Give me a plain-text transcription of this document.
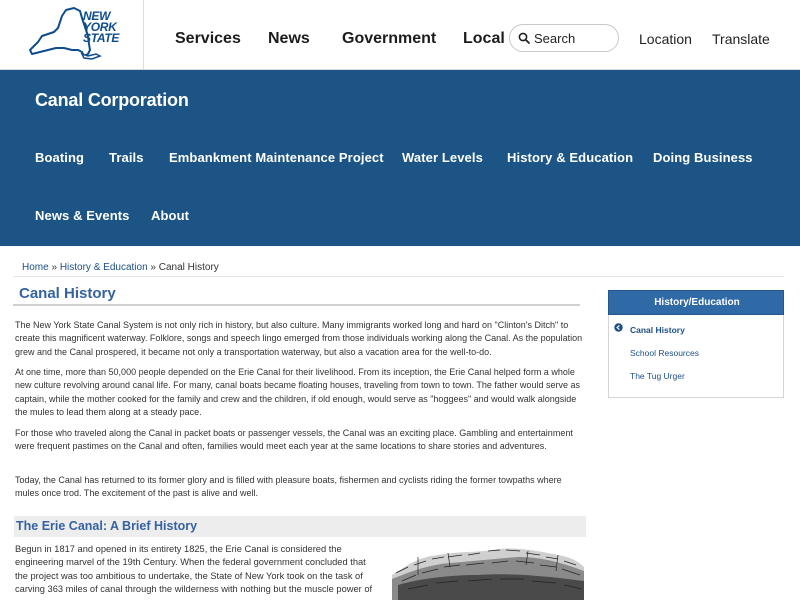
NEW
YORK
STATE	Services News Government Local Search	Location Translate
Canal Corporation
Boating Trails Embankment Maintenance Project Water Levels History & Education Doing Business
News & Events About
Home » History & Education » Canal History
Canal History

The New York State Canal System is not only rich in history, but also culture. Many immigrants worked long and hard on "Clinton's Ditch" to create this magnificent waterway. Folklore, songs and speech lingo emerged from those individuals working along the Canal. As the population grew and the Canal prospered, it became not only a transportation waterway, but also a vacation area for the well-to-do.

At one time, more than 50,000 people depended on the Erie Canal for their livelihood. From its inception, the Erie Canal helped form a whole new culture revolving around canal life. For many, canal boats became floating houses, traveling from town to town. The father would serve as captain, while the mother cooked for the family and crew and the children, if old enough, would serve as "hoggees" and would walk alongside the mules to lead them along at a steady pace.

For those who traveled along the Canal in packet boats or passenger vessels, the Canal was an exciting place. Gambling and entertainment were frequent pastimes on the Canal and often, families would meet each year at the same locations to share stories and adventures.

Today, the Canal has returned to its former glory and is filled with pleasure boats, fishermen and cyclists riding the former towpaths where mules once trod. The excitement of the past is alive and well.

The Erie Canal: A Brief History

Begun in 1817 and opened in its entirety 1825, the Erie Canal is considered the engineering marvel of the 19th Century. When the federal government concluded that the project was too ambitious to undertake, the State of New York took on the task of carving 363 miles of canal through the wilderness with nothing but the muscle power of

History/Education
Canal History
School Resources
The Tug Urger
